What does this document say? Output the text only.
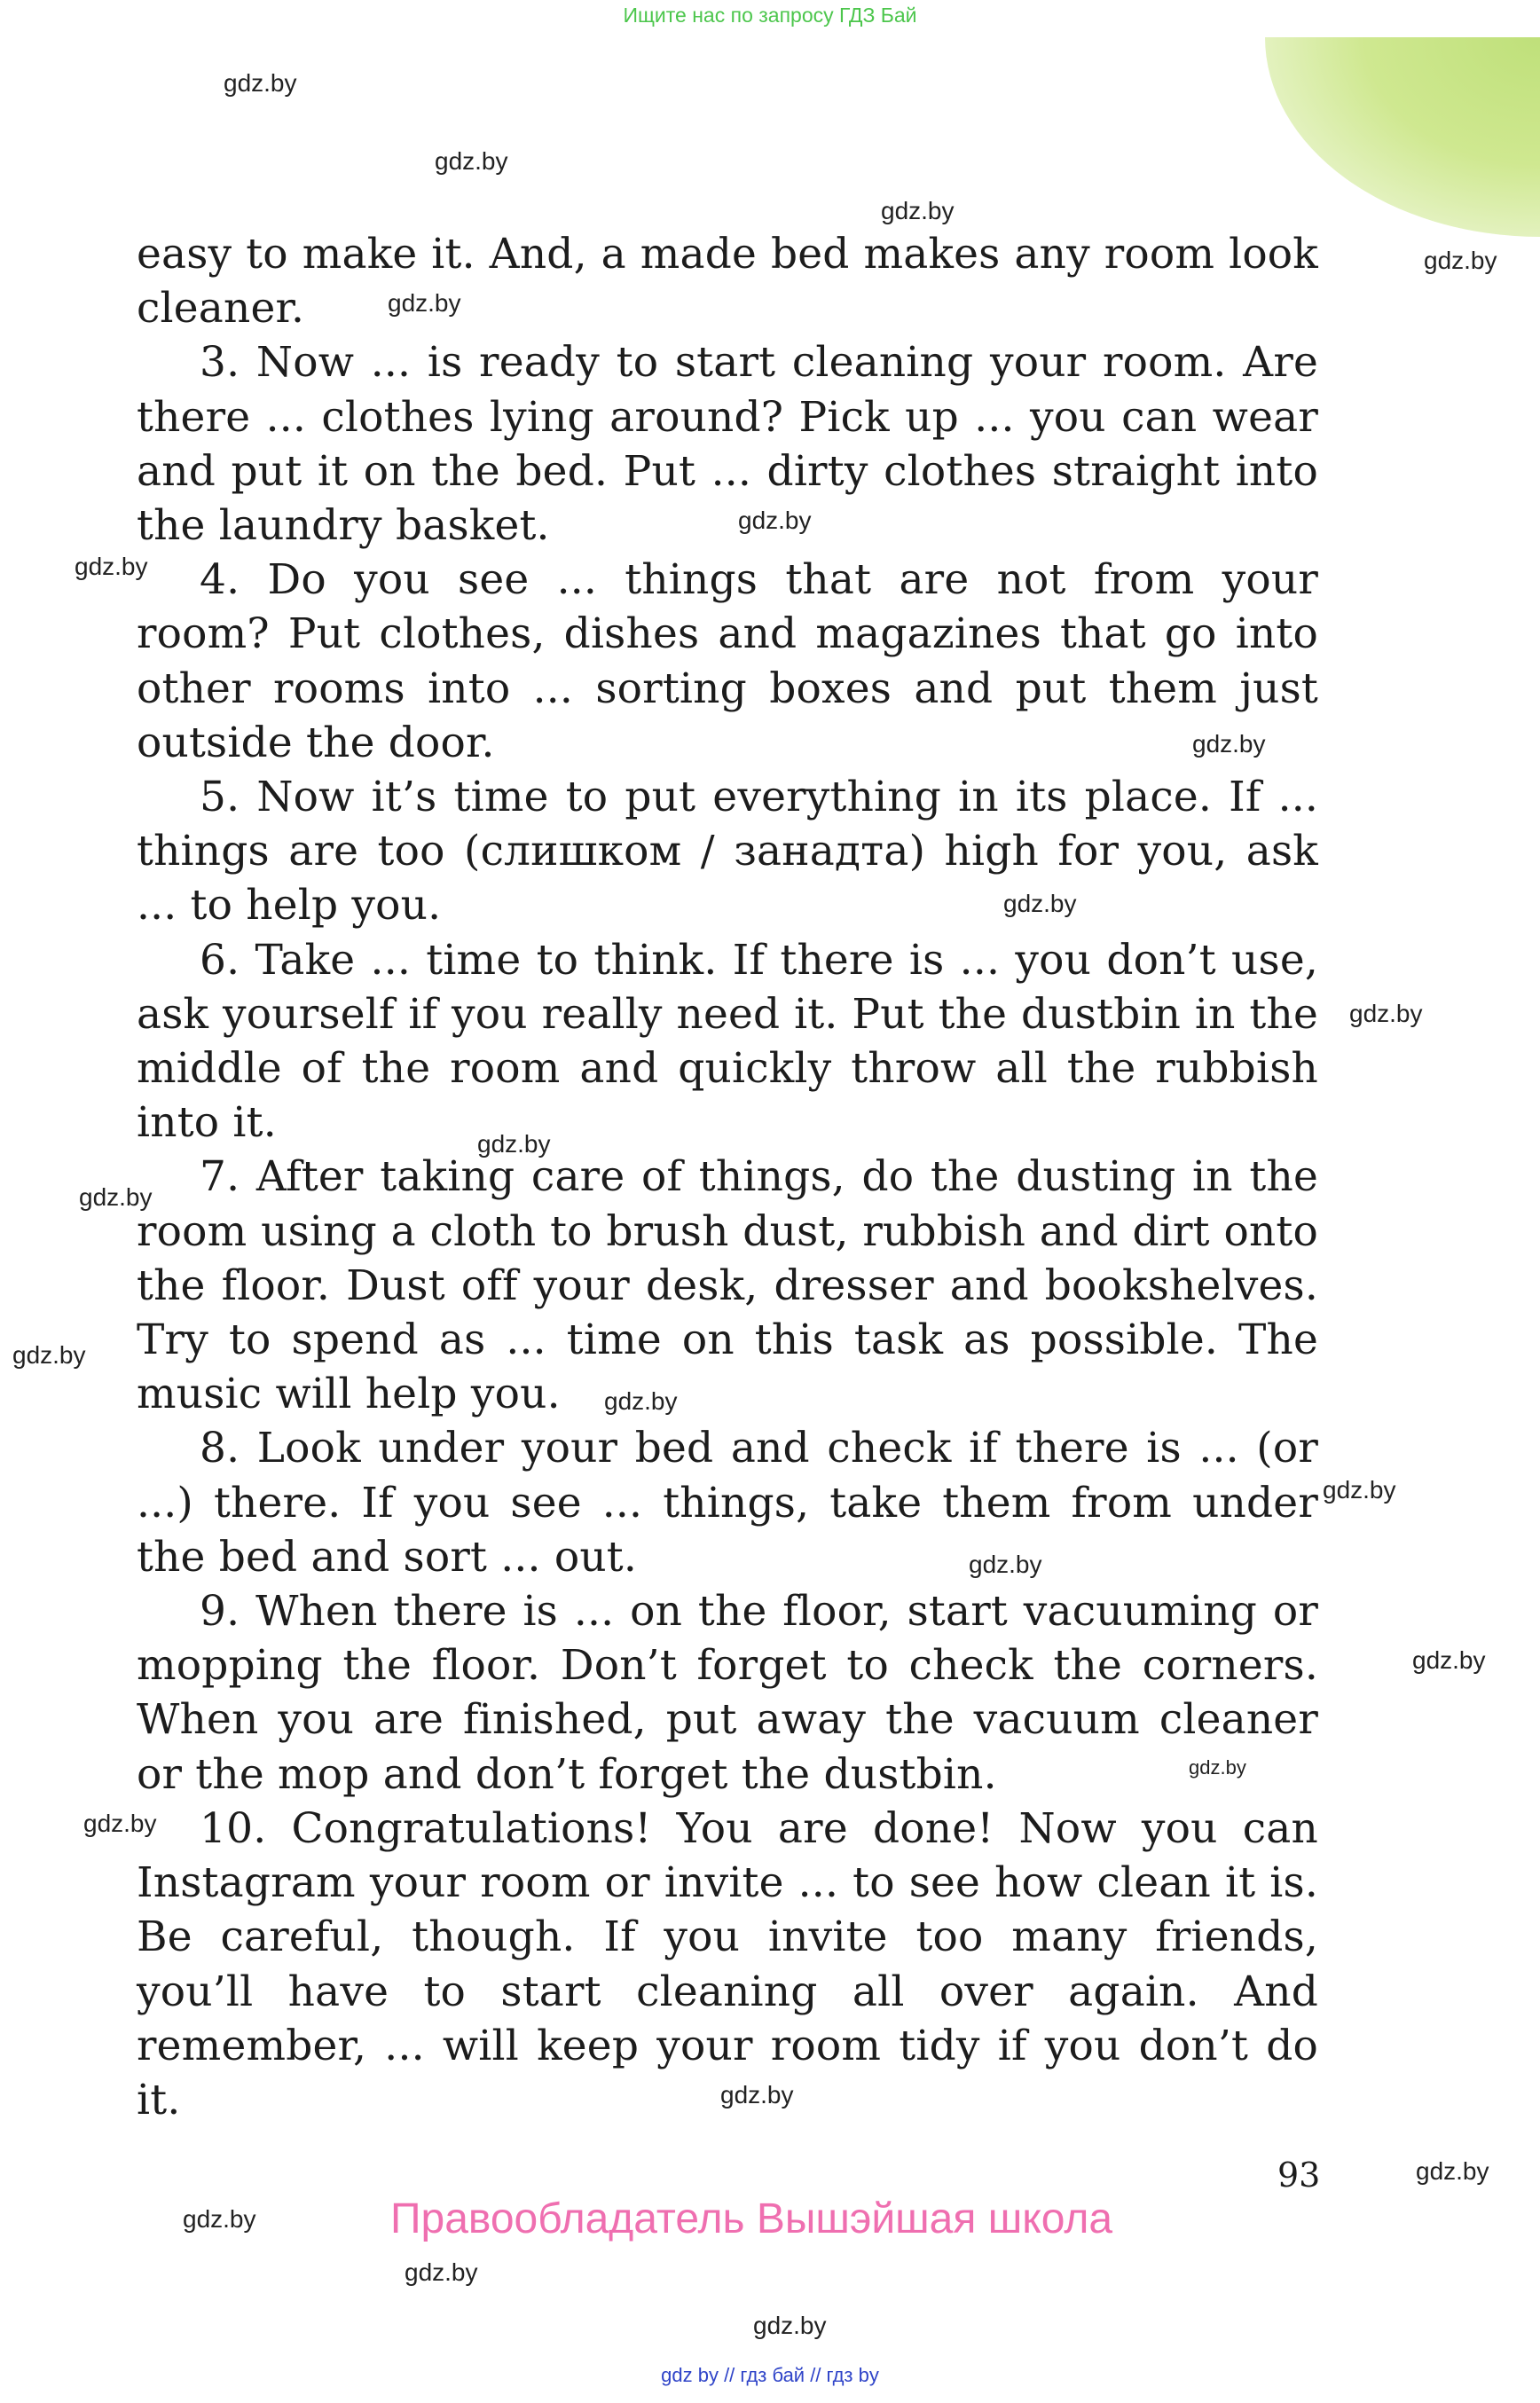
Ищите нас по запросу ГДЗ Бай
gdz.by
gdz.by
gdz.by
gdz.by
gdz.by
gdz.by
gdz.by
gdz.by
gdz.by
gdz.by
gdz.by
gdz.by
gdz.by
gdz.by
gdz.by
gdz.by
gdz.by
gdz.by
gdz.by
gdz.by
gdz.by
gdz.by
gdz.by
gdz.by

easy to make it. And, a made bed makes any room look cleaner.

3. Now ... is ready to start cleaning your room. Are there ... clothes lying around? Pick up ... you can wear and put it on the bed. Put ... dirty clothes straight into the laundry basket.

4. Do you see ... things that are not from your room? Put clothes, dishes and magazines that go into other rooms into ... sorting boxes and put them just outside the door.

5. Now it’s time to put everything in its place. If ... things are too (слишком / занадта) high for you, ask ... to help you.

6. Take ... time to think. If there is ... you don’t use, ask yourself if you really need it. Put the dustbin in the middle of the room and quickly throw all the rubbish into it.

7. After taking care of things, do the dusting in the room using a cloth to brush dust, rubbish and dirt onto the floor. Dust off your desk, dresser and bookshelves. Try to spend as ... time on this task as possible. The music will help you.

8. Look under your bed and check if there is ... (or ...) there. If you see ... things, take them from under the bed and sort ... out.

9. When there is ... on the floor, start vacuuming or mopping the floor. Don’t forget to check the corners. When you are finished, put away the vacuum cleaner or the mop and don’t forget the dustbin.

10. Congratulations! You are done! Now you can Instagram your room or invite ... to see how clean it is. Be careful, though. If you invite too many friends, you’ll have to start cleaning all over again. And remember, ... will keep your room tidy if you don’t do it.

93
Правообладатель Вышэйшая школа
gdz by // гдз бай // гдз by
